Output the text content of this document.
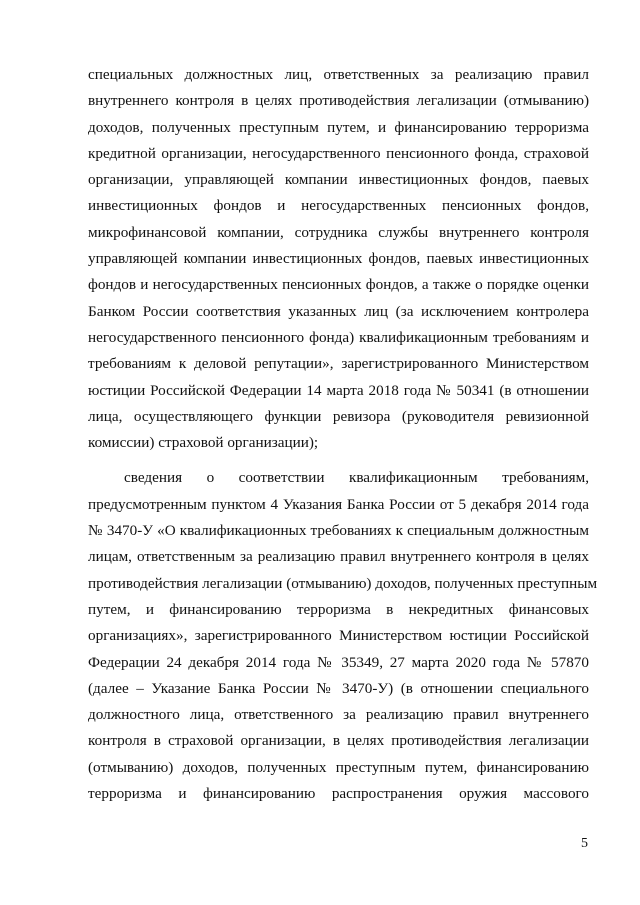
специальных должностных лиц, ответственных за реализацию правил
внутреннего контроля в целях противодействия легализации (отмыванию)
доходов, полученных преступным путем, и финансированию терроризма
кредитной организации, негосударственного пенсионного фонда, страховой
организации, управляющей компании инвестиционных фондов, паевых
инвестиционных фондов и негосударственных пенсионных фондов,
микрофинансовой компании, сотрудника службы внутреннего контроля
управляющей компании инвестиционных фондов, паевых инвестиционных
фондов и негосударственных пенсионных фондов, а также о порядке оценки
Банком России соответствия указанных лиц (за исключением контролера
негосударственного пенсионного фонда) квалификационным требованиям и
требованиям к деловой репутации», зарегистрированного Министерством
юстиции Российской Федерации 14 марта 2018 года № 50341 (в отношении
лица, осуществляющего функции ревизора (руководителя ревизионной
комиссии) страховой организации);
сведения о соответствии квалификационным требованиям,
предусмотренным пунктом 4 Указания Банка России от 5 декабря 2014 года
№ 3470-У «О квалификационных требованиях к специальным должностным
лицам, ответственным за реализацию правил внутреннего контроля в целях
противодействия легализации (отмыванию) доходов, полученных преступным
путем, и финансированию терроризма в некредитных финансовых
организациях», зарегистрированного Министерством юстиции Российской
Федерации 24 декабря 2014 года № 35349, 27 марта 2020 года № 57870
(далее – Указание Банка России № 3470-У) (в отношении специального
должностного лица, ответственного за реализацию правил внутреннего
контроля в страховой организации, в целях противодействия легализации
(отмыванию) доходов, полученных преступным путем, финансированию
терроризма и финансированию распространения оружия массового
5
